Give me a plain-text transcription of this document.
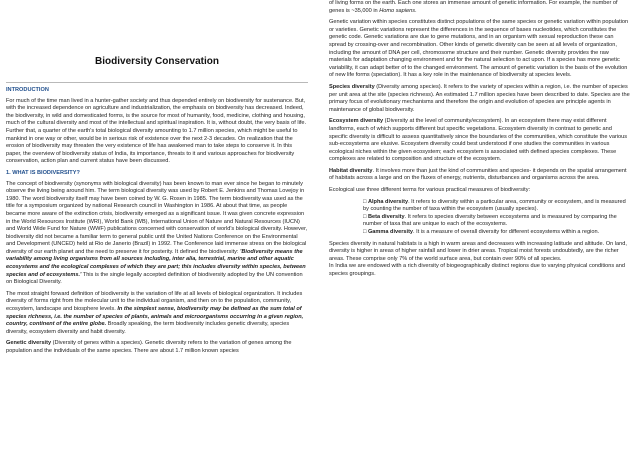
Biodiversity Conservation
INTRODUCTION

For much of the time man lived in a hunter-gather society and thus depended entirely on biodiversity for sustenance. But, with the increased dependence on agriculture and industrialization, the emphasis on biodiversity has decreased. Indeed, the biodiversity, in wild and domesticated forms, is the source for most of humanity, food, medicine, clothing and housing, much of the cultural diversity and most of the intellectual and spiritual inspiration. It is, without doubt, the very basis of life. Further that, a quarter of the earth's total biological diversity amounting to 1.7 million species, which might be useful to mankind in one way or other, would be in serious risk of existence over the next 2-3 decades. On realization that the erosion of biodiversity may threaten the very existence of life has awakened man to take steps to conserve it. In this paper, the overview of biodiversity status of India, its importance, threats to it and various approaches for biodiversity conservation, action plan and current status have been discussed.

1. WHAT IS BIODIVERSITY?

The concept of biodiversity (synonyms with biological diversity) has been known to man ever since he began to minutely observe the living being around him. The term biological diversity was used by Robert E. Jenkins and Thomas Lovejoy in 1980. The word biodiversity itself may have been coined by W. G. Rosen in 1985. The term biodiversity was used as the title for a symposium organized by national Research council in Washington in 1986. At about that time, as people became more aware of the extinction crisis, biodiversity emerged as a significant issue. It was given concrete expression in the World Resources Institute (WRI), World Bank (WB), International Union of Nature and Natural Resources (IUCN) and World Wide Fund for Nature (WWF) publications concerned with conservation of world's biological diversity. However, biodiversity did not became a familiar term to general public until the United Nations Conference on the Environmental and Development (UNCED) held at Rio de Janerio (Brazil) in 1992. The Conference laid immense stress on the biological diversity of our earth planet and the need to preserve it for posterity. It defined the biodiversity: 'Biodiversity means the variability among living organisms from all sources including, inter alia, terrestrial, marine and other aquatic ecosystems and the ecological complexes of which they are part; this includes diversity within species, between species and of ecosystems.' This is the single legally accepted definition of biodiversity adopted by the UN convention on Biological Diversity.

The most straight forward definition of biodiversity is the variation of life at all levels of biological organization. It includes diversity of forms right from the molecular unit to the individual organism, and then on to the population, community, ecosystem, landscape and biosphere levels. In the simplest sense, biodiversity may be defined as the sum total of species richness, i.e. the number of species of plants, animals and microorganisms occurring in a given region, country, continent of the entire globe. Broadly speaking, the term biodiversity includes genetic diversity, species diversity, ecosystem diversity and habit diversity.

Genetic diversity (Diversity of genes within a species). Genetic diversity refers to the variation of genes among the population and the individuals of the same species. There are about 1.7 million known species

of living forms on the earth. Each one stores an immense amount of genetic information. For example, the number of genes is ~35,000 in Homo sapiens.

Genetic variation within species constitutes distinct populations of the same species or genetic variation within population or varieties. Genetic variations represent the differences in the sequence of bases nucleotides, which constitutes the genetic code. Genetic variations are due to gene mutations, and in an organism with sexual reproduction these can spread by crossing-over and recombination. Other kinds of genetic diversity can be seen at all levels of organization, including the amount of DNA per cell, chromosome structure and their number. Genetic diversity provides the raw materials for adaptation changing environment and for the natural selection to act upon. If a species has more genetic variability, it can adapt better of to the changed environment. The amount of genetic variation is the basis of the evolution of new life forms (speciation). It has a key role in the maintenance of biodiversity at species levels.

Species diversity (Diversity among species). It refers to the variety of species within a region, i.e. the number of species per unit area at the site (species richness). An estimated 1.7 million species have been described to date. Species are the primary focus of evolutionary mechanisms and therefore the origin and evolution of species are principle agents in maintenance of global biodiversity.
Ecosystem diversity (Diversity at the level of community/ecosystem). In an ecosystem there may exist different landforms, each of which supports different but specific vegetations. Ecosystem diversity in contrast to genetic and specific diversity is difficult to assess quantitatively since the boundaries of the communities, which constitute the various sub-ecosystems are elusive. Ecosystem diversity could best understood if one studies the communities in various ecological niches within the given ecosystem; each ecosystem is associated with defined species complexes. These complexes are related to composition and structure of the ecosystem.

Habitat diversity. It involves more than just the kind of communities and species- it depends on the spatial arrangement of habitats across a large and on the fluxes of energy, nutrients, disturbances and organisms across the area.

Ecological use three different terms for various practical measures of biodiversity:

□ Alpha diversity. It refers to diversity within a particular area, community or ecosystem, and is measured by counting the number of taxa within the ecosystem (usually species).
□ Beta diversity. It refers to species diversity between ecosystems and is measured by comparing the number of taxa that are unique to each of the ecosystems.
□ Gamma diversity. It is a measure of overall diversity for different ecosystems within a region.
Species diversity in natural habitats is a high in warm areas and decreases with increasing latitude and altitude. On land, diversity is higher in areas of higher rainfall and lower in drier areas. Tropical moist forests undoubtedly, are the richer areas. These comprise only 7% of the world surface area, but contain over 90% of all species.
In India we are endowed with a rich diversity of biogeographically distinct regions due to varying physical conditions and species groupings.
